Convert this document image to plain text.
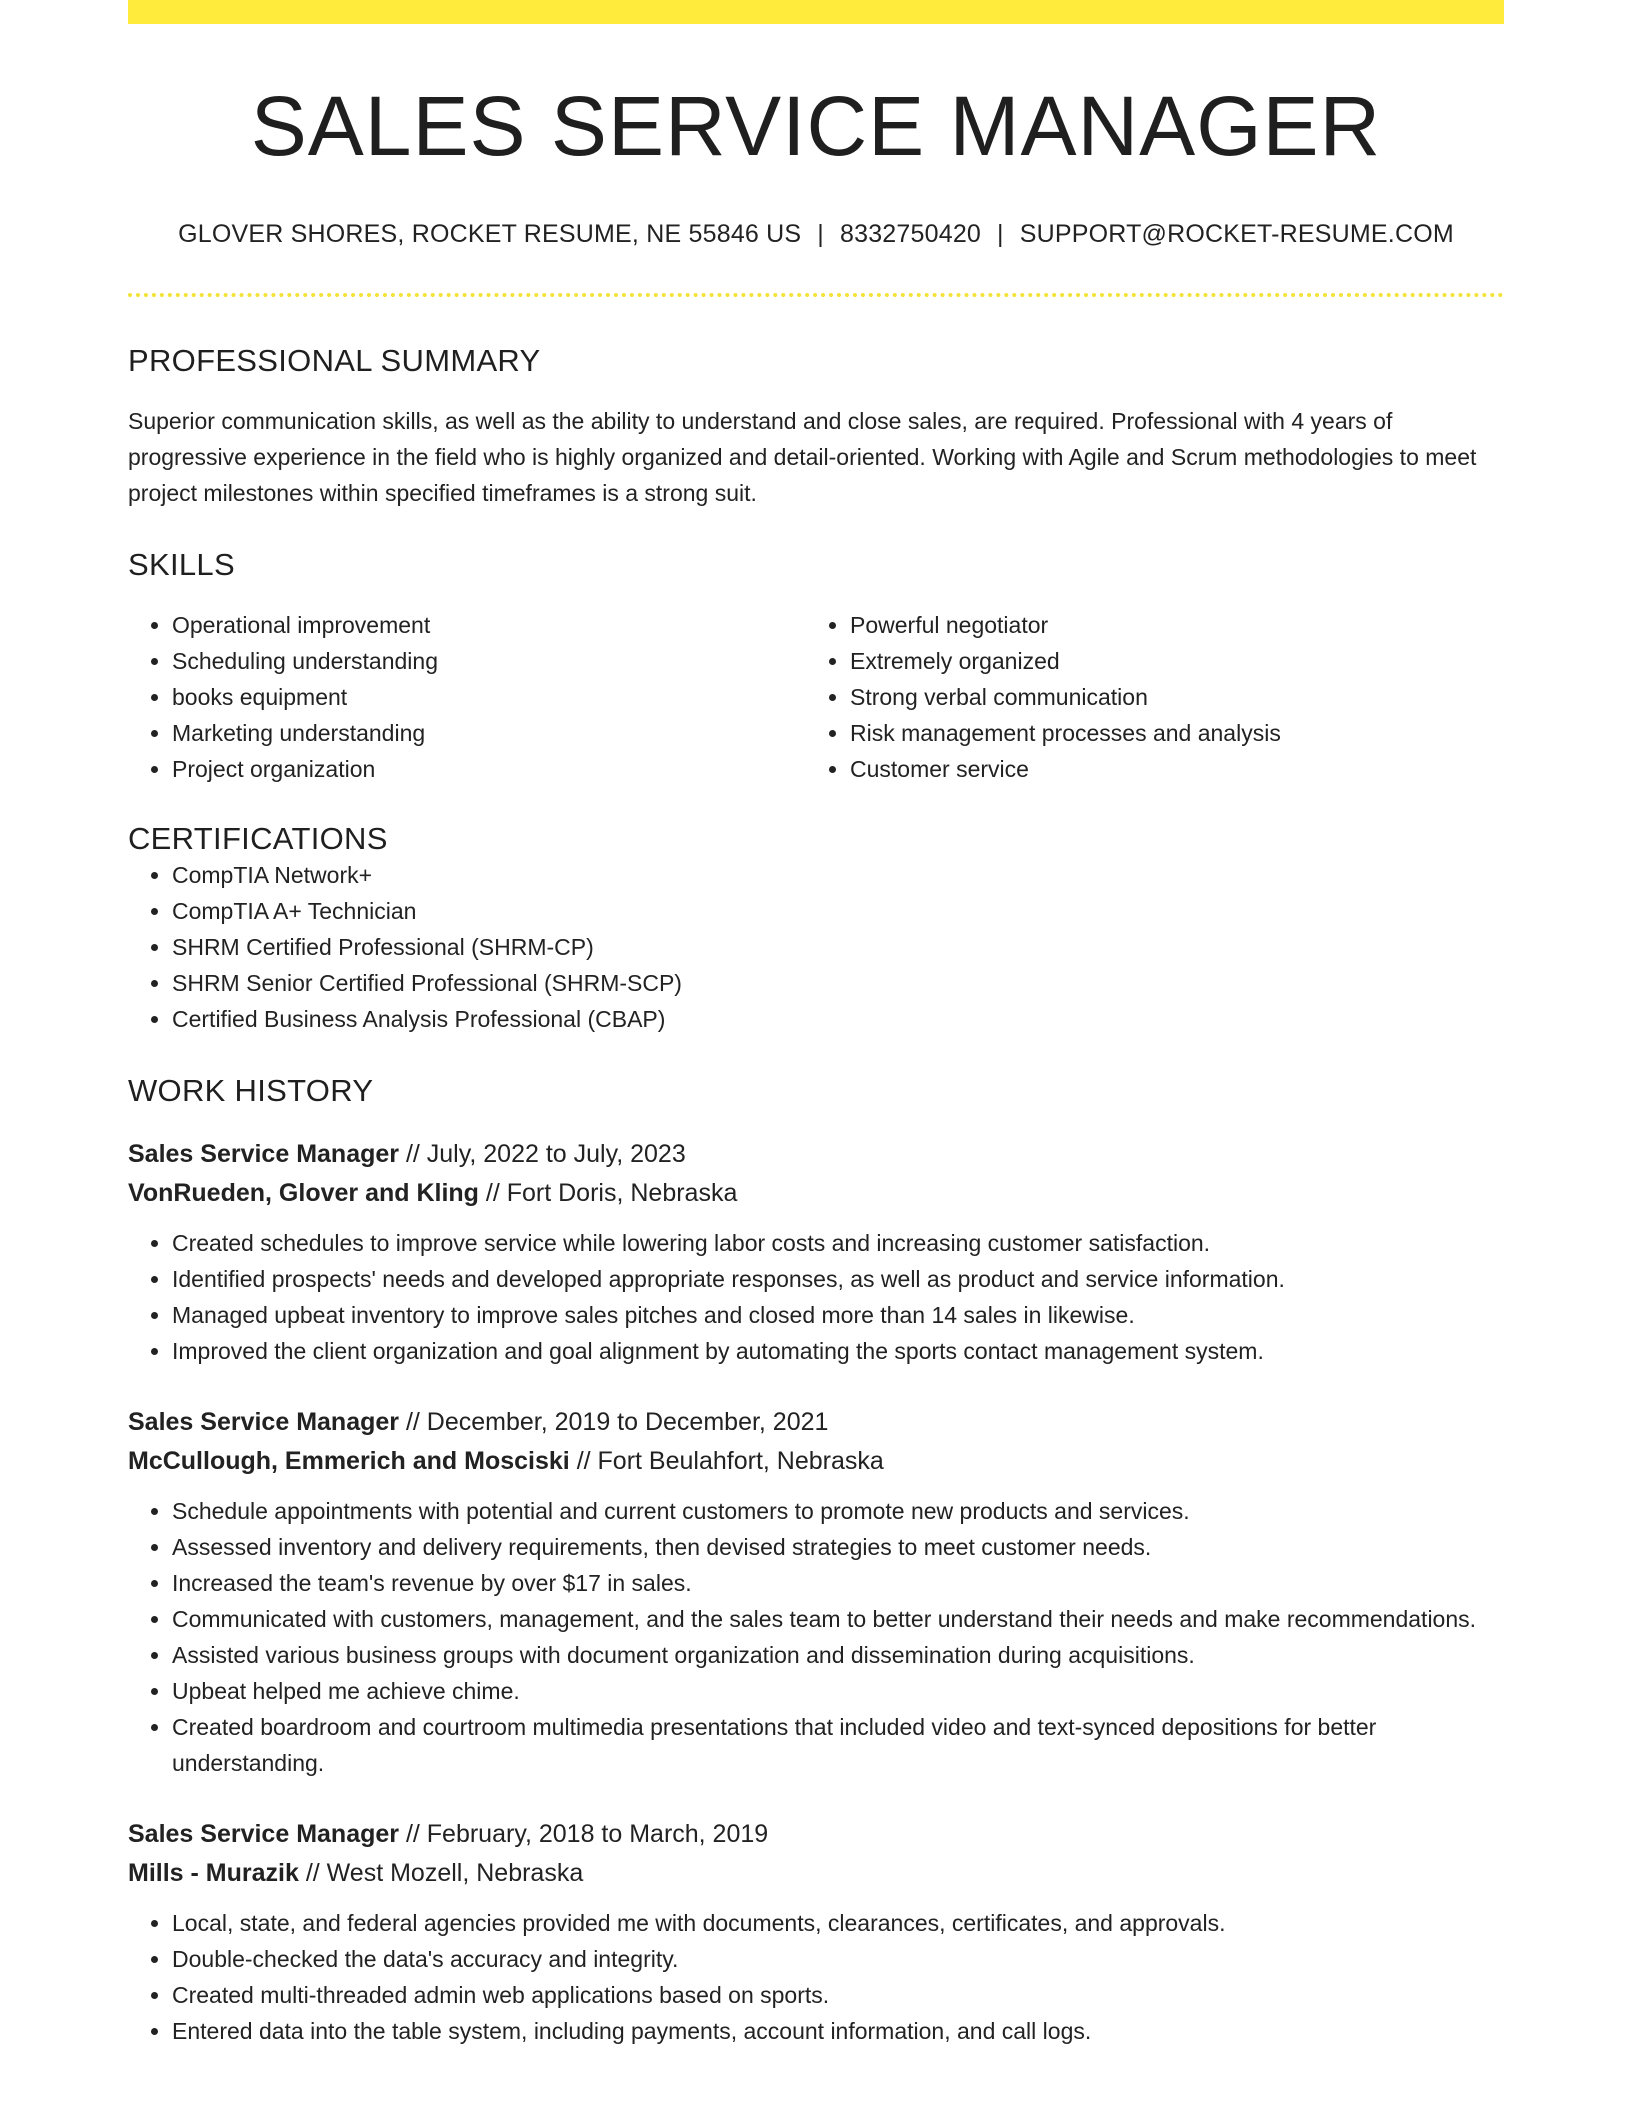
SALES SERVICE MANAGER
GLOVER SHORES, ROCKET RESUME, NE 55846 US | 8332750420 | SUPPORT@ROCKET-RESUME.COM
PROFESSIONAL SUMMARY
Superior communication skills, as well as the ability to understand and close sales, are required. Professional with 4 years of progressive experience in the field who is highly organized and detail-oriented. Working with Agile and Scrum methodologies to meet project milestones within specified timeframes is a strong suit.
SKILLS
• Operational improvement
• Scheduling understanding
• books equipment
• Marketing understanding
• Project organization
• Powerful negotiator
• Extremely organized
• Strong verbal communication
• Risk management processes and analysis
• Customer service
CERTIFICATIONS
• CompTIA Network+
• CompTIA A+ Technician
• SHRM Certified Professional (SHRM-CP)
• SHRM Senior Certified Professional (SHRM-SCP)
• Certified Business Analysis Professional (CBAP)
WORK HISTORY
Sales Service Manager // July, 2022 to July, 2023
VonRueden, Glover and Kling // Fort Doris, Nebraska
• Created schedules to improve service while lowering labor costs and increasing customer satisfaction.
• Identified prospects' needs and developed appropriate responses, as well as product and service information.
• Managed upbeat inventory to improve sales pitches and closed more than 14 sales in likewise.
• Improved the client organization and goal alignment by automating the sports contact management system.
Sales Service Manager // December, 2019 to December, 2021
McCullough, Emmerich and Mosciski // Fort Beulahfort, Nebraska
• Schedule appointments with potential and current customers to promote new products and services.
• Assessed inventory and delivery requirements, then devised strategies to meet customer needs.
• Increased the team's revenue by over $17 in sales.
• Communicated with customers, management, and the sales team to better understand their needs and make recommendations.
• Assisted various business groups with document organization and dissemination during acquisitions.
• Upbeat helped me achieve chime.
• Created boardroom and courtroom multimedia presentations that included video and text-synced depositions for better understanding.
Sales Service Manager // February, 2018 to March, 2019
Mills - Murazik // West Mozell, Nebraska
• Local, state, and federal agencies provided me with documents, clearances, certificates, and approvals.
• Double-checked the data's accuracy and integrity.
• Created multi-threaded admin web applications based on sports.
• Entered data into the table system, including payments, account information, and call logs.
